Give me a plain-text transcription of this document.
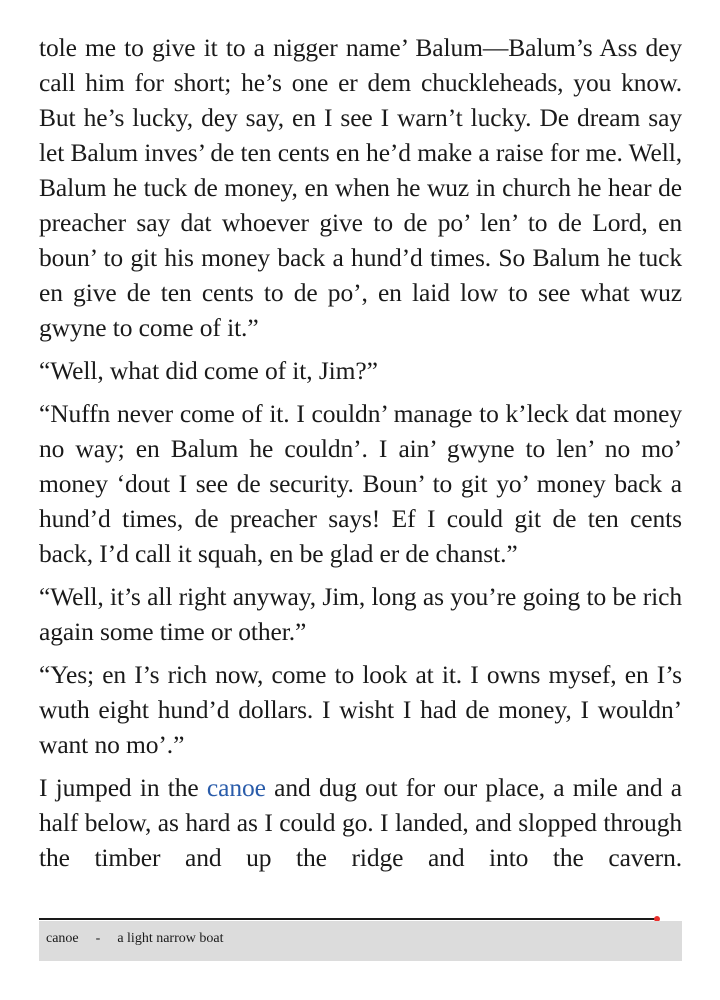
tole me to give it to a nigger name’ Balum—Balum’s Ass dey call him for short; he’s one er dem chuckleheads, you know. But he’s lucky, dey say, en I see I warn’t lucky. De dream say let Balum inves’ de ten cents en he’d make a raise for me. Well, Balum he tuck de money, en when he wuz in church he hear de preacher say dat whoever give to de po’ len’ to de Lord, en boun’ to git his money back a hund’d times. So Balum he tuck en give de ten cents to de po’, en laid low to see what wuz gwyne to come of it.”

“Well, what did come of it, Jim?”

“Nuffn never come of it. I couldn’ manage to k’leck dat money no way; en Balum he couldn’. I ain’ gwyne to len’ no mo’ money ‘dout I see de security. Boun’ to git yo’ money back a hund’d times, de preacher says! Ef I could git de ten cents back, I’d call it squah, en be glad er de chanst.”

“Well, it’s all right anyway, Jim, long as you’re going to be rich again some time or other.”

“Yes; en I’s rich now, come to look at it. I owns mysef, en I’s wuth eight hund’d dollars. I wisht I had de money, I wouldn’ want no mo’.”

I jumped in the canoe and dug out for our place, a mile and a half below, as hard as I could go. I landed, and slopped through the timber and up the ridge and into the cavern.

canoe - a light narrow boat
